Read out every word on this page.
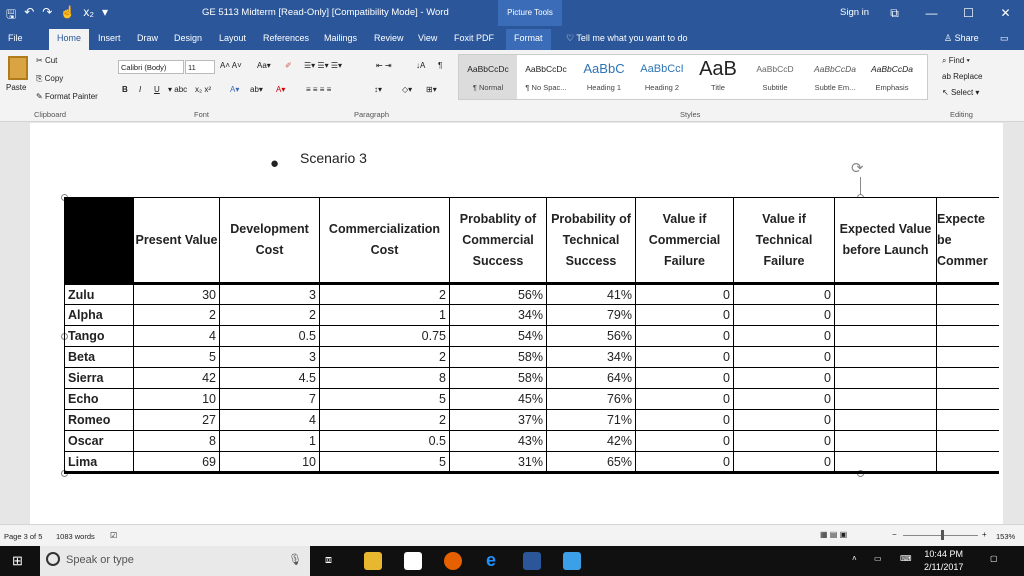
🖫 ↶ ↷ ☝ x₂ ▾	GE 5113 Midterm [Read-Only] [Compatibility Mode] - Word	Picture Tools	Sign in	⧉	—	☐	✕
File	Home	Insert Draw Design Layout References Mailings Review View Foxit PDF	Format	♡ Tell me what you want to do	♙ Share ▭
Paste
✂ Cut
⎘ Copy
✎ Format Painter
Clipboard
Calibri (Body)	11	A˄ A˅ Aa▾ ✐
B I U ▾ abc x₂ x² A▾ ab▾ A▾
Font
☰▾ ☰▾ ☰▾	⇤ ⇥	↓A ¶
≡ ≡ ≡ ≡	↕▾ ◇▾ ⊞▾
Paragraph
AaBbCcDc
¶ Normal
AaBbCcDc
¶ No Spac...
AaBbC
Heading 1
AaBbCcI
Heading 2
AaB
Title
AaBbCcD
Subtitle
AaBbCcDa
Subtle Em...
AaBbCcDa
Emphasis
Styles
⌕ Find ▾
ab Replace
↖ Select ▾
Editing
● Scenario 3
⟳
	Present Value	Development Cost	Commercialization Cost	Probablity of Commercial Success	Probability of Technical Success	Value if Commercial Failure	Value if Technical Failure	Expected Value before Launch	Expecte be Commer
Zulu	30	3	2	56%	41%	0	0		
Alpha	2	2	1	34%	79%	0	0		
Tango	4	0.5	0.75	54%	56%	0	0		
Beta	5	3	2	58%	34%	0	0		
Sierra	42	4.5	8	58%	64%	0	0		
Echo	10	7	5	45%	76%	0	0		
Romeo	27	4	2	37%	71%	0	0		
Oscar	8	1	0.5	43%	42%	0	0		
Lima	69	10	5	31%	65%	0	0		
Page 3 of 5 1083 words ☑	▦ ▤ ▣	−	+ 153%
⊞	Speak or type	🎙 ⧈	e	˄ ▭ ⌨ 10:44 PM
2/11/2017
▢
